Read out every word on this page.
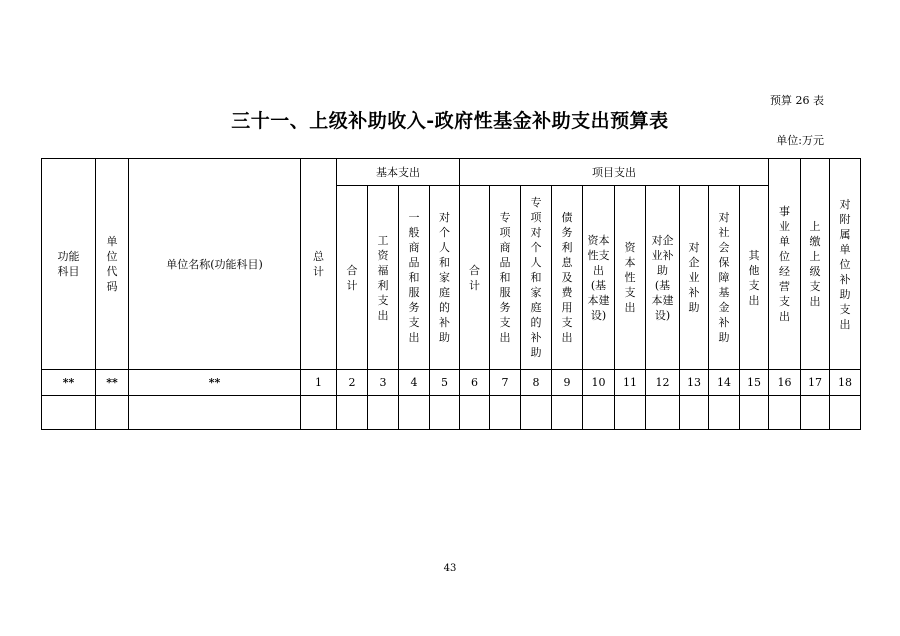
预算 26 表
三十一、上级补助收入-政府性基金补助支出预算表
单位:万元
功能科目	单位代码	单位名称(功能科目)	总计	基本支出				项目支出										事业单位经营支出	上缴上级支出	对附属单位补助支出
				合计	工资福利支出	一般商品和服务支出	对个人和家庭的补助	合计	专项商品和服务支出	专项对个人和家庭的补助	债务利息及费用支出	资本性支出(基本建设)	资本性支出	对企业补助(基本建设)	对企业补助	对社会保障基金补助	其他支出			
**	**	**	1	2	3	4	5	6	7	8	9	10	11	12	13	14	15	16	17	18

43
